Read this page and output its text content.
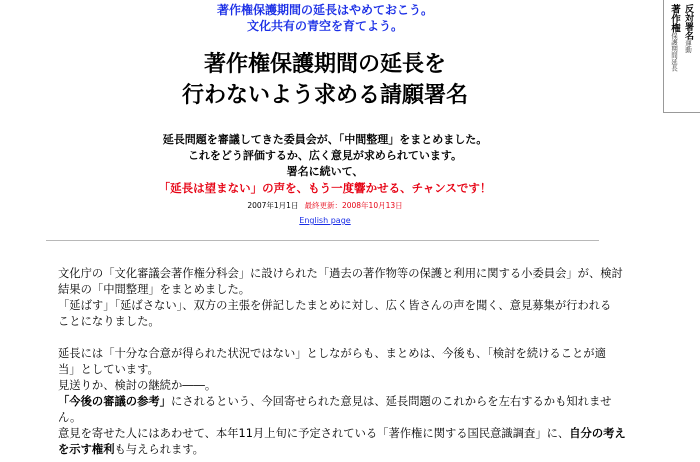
著作権保護期間の延長はやめておこう。
文化共有の青空を育てよう。	著作権保護期間延長
反対署名運動
著作権保護期間の延長を
行わないよう求める請願署名
延長問題を審議してきた委員会が、「中間整理」をまとめました。
これをどう評価するか、広く意見が求められています。
署名に続いて、
「延長は望まない」の声を、もう一度響かせる、チャンスです！
2007年1月1日 最終更新：2008年10月13日
English page
文化庁の「文化審議会著作権分科会」に設けられた「過去の著作物等の保護と利用に関する小委員会」が、検討
結果の「中間整理」をまとめました。
「延ばす」「延ばさない」、双方の主張を併記したまとめに対し、広く皆さんの声を聞く、意見募集が行われる
ことになりました。
延長には「十分な合意が得られた状況ではない」としながらも、まとめは、今後も、「検討を続けることが適
当」としています。
見送りか、検討の継続か――。
「今後の審議の参考」にされるという、今回寄せられた意見は、延長問題のこれからを左右するかも知れませ
ん。
意見を寄せた人にはあわせて、本年11月上旬に予定されている「著作権に関する国民意識調査」に、自分の考え
を示す権利も与えられます。
